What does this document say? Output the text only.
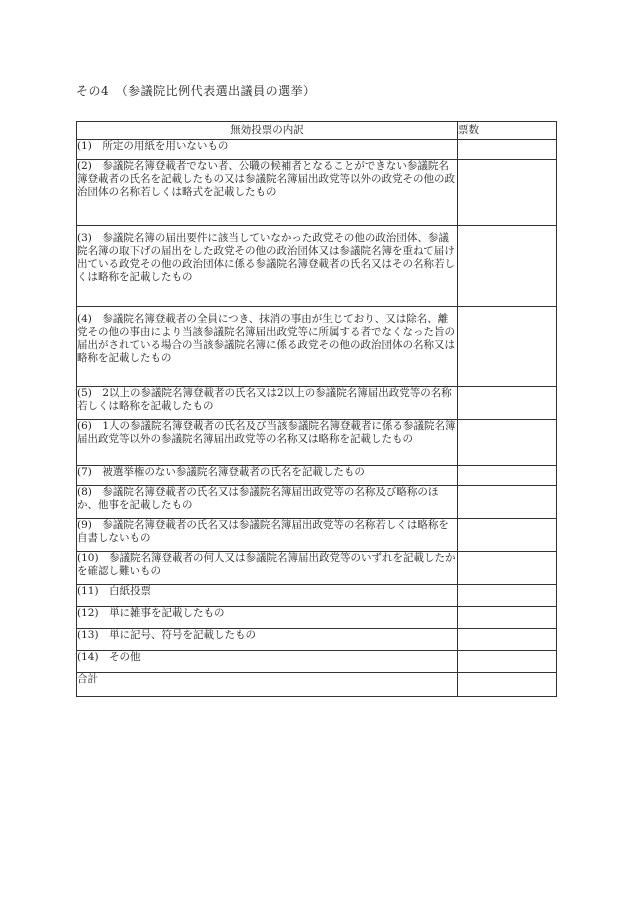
その4　（参議院比例代表選出議員の選挙）
無効投票の内訳	票数
(1)　 所定の用紙を用いないもの	
(2)　 参議院名簿登載者でない者、公職の候補者となることができない参議院名簿登載者の氏名を記載したもの又は参議院名簿届出政党等以外の政党その他の政治団体の名称若しくは略式を記載したもの	
(3)　 参議院名簿の届出要件に該当していなかった政党その他の政治団体、参議院名簿の取下げの届出をした政党その他の政治団体又は参議院名簿を重ねて届け出ている政党その他の政治団体に係る参議院名簿登載者の氏名又はその名称若しくは略称を記載したもの	
(4)　 参議院名簿登載者の全員につき、抹消の事由が生じており、又は除名、離党その他の事由により当該参議院名簿届出政党等に所属する者でなくなった旨の届出がされている場合の当該参議院名簿に係る政党その他の政治団体の名称又は略称を記載したもの	
(5)　 2以上の参議院名簿登載者の氏名又は2以上の参議院名簿届出政党等の名称若しくは略称を記載したもの	
(6)　 1人の参議院名簿登載者の氏名及び当該参議院名簿登載者に係る参議院名簿届出政党等以外の参議院名簿届出政党等の名称又は略称を記載したもの	
(7)　 被選挙権のない参議院名簿登載者の氏名を記載したもの	
(8)　 参議院名簿登載者の氏名又は参議院名簿届出政党等の名称及び略称のほか、他事を記載したもの	
(9)　 参議院名簿登載者の氏名又は参議院名簿届出政党等の名称若しくは略称を自書しないもの	
(10)　 参議院名簿登載者の何人又は参議院名簿届出政党等のいずれを記載したかを確認し難いもの	
(11)　 白紙投票	
(12)　 単に雑事を記載したもの	
(13)　 単に記号、符号を記載したもの	
(14)　 その他	
合計	
